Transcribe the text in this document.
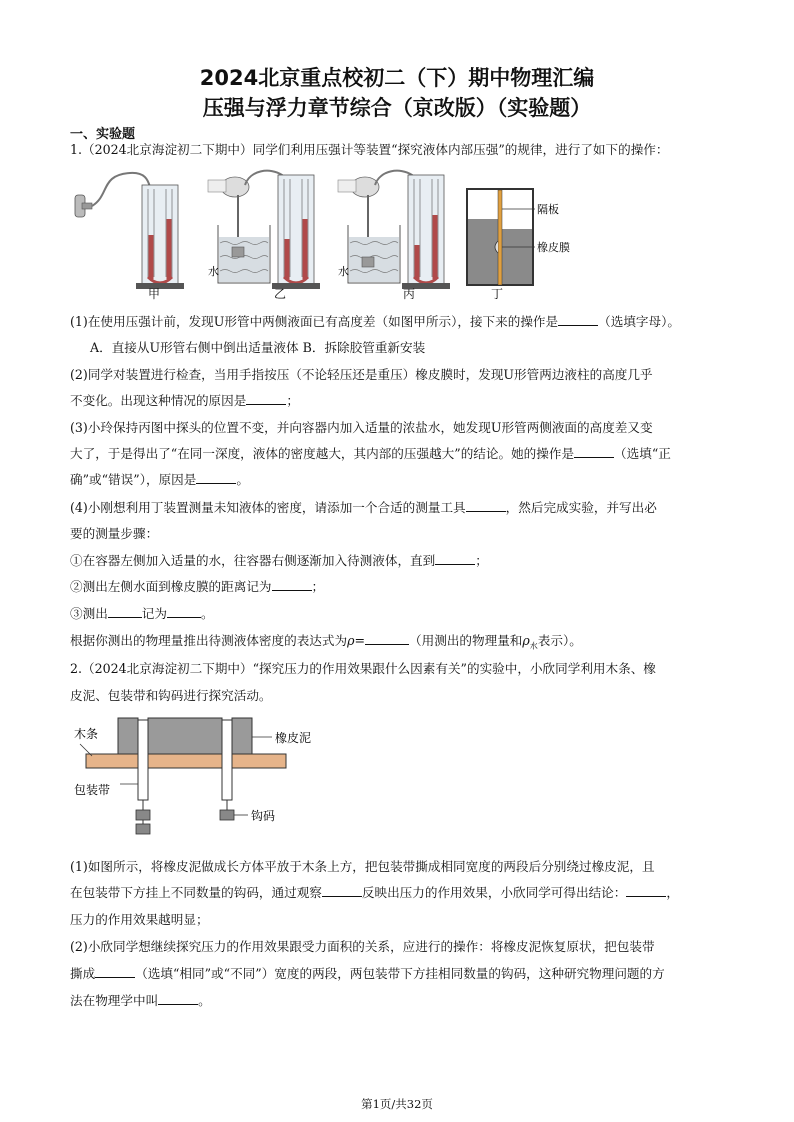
2024北京重点校初二（下）期中物理汇编
压强与浮力章节综合（京改版）（实验题）
一、实验题
1.（2024北京海淀初二下期中）同学们利用压强计等装置“探究液体内部压强”的规律，进行了如下的操作：
水	水
隔板
橡皮膜
甲	乙	丙	丁
(1)在使用压强计前，发现U形管中两侧液面已有高度差（如图甲所示），接下来的操作是	（选填字母）。
A．直接从U形管右侧中倒出适量液体 B．拆除胶管重新安装
(2)同学对装置进行检查，当用手指按压（不论轻压还是重压）橡皮膜时，发现U形管两边液柱的高度几乎
不变化。出现这种情况的原因是	；
(3)小玲保持丙图中探头的位置不变，并向容器内加入适量的浓盐水，她发现U形管两侧液面的高度差又变
大了，于是得出了“在同一深度，液体的密度越大，其内部的压强越大”的结论。她的操作是	（选填“正
确”或“错误”），原因是	。
(4)小刚想利用丁装置测量未知液体的密度，请添加一个合适的测量工具	，然后完成实验，并写出必
要的测量步骤：
①在容器左侧加入适量的水，往容器右侧逐渐加入待测液体，直到	；
②测出左侧水面到橡皮膜的距离记为	；
③测出	记为	。
根据你测出的物理量推出待测液体密度的表达式为ρ=	（用测出的物理量和$\rho_水$表示）。
2.（2024北京海淀初二下期中）“探究压力的作用效果跟什么因素有关”的实验中，小欣同学利用木条、橡
皮泥、包装带和钩码进行探究活动。
木条	橡皮泥
包装带
钩码
(1)如图所示，将橡皮泥做成长方体平放于木条上方，把包装带撕成相同宽度的两段后分别绕过橡皮泥，且
在包装带下方挂上不同数量的钩码，通过观察	反映出压力的作用效果，小欣同学可得出结论：	，
压力的作用效果越明显；
(2)小欣同学想继续探究压力的作用效果跟受力面积的关系，应进行的操作：将橡皮泥恢复原状，把包装带
撕成	（选填“相同”或“不同”）宽度的两段，两包装带下方挂相同数量的钩码，这种研究物理问题的方
法在物理学中叫	。
第1页/共32页
